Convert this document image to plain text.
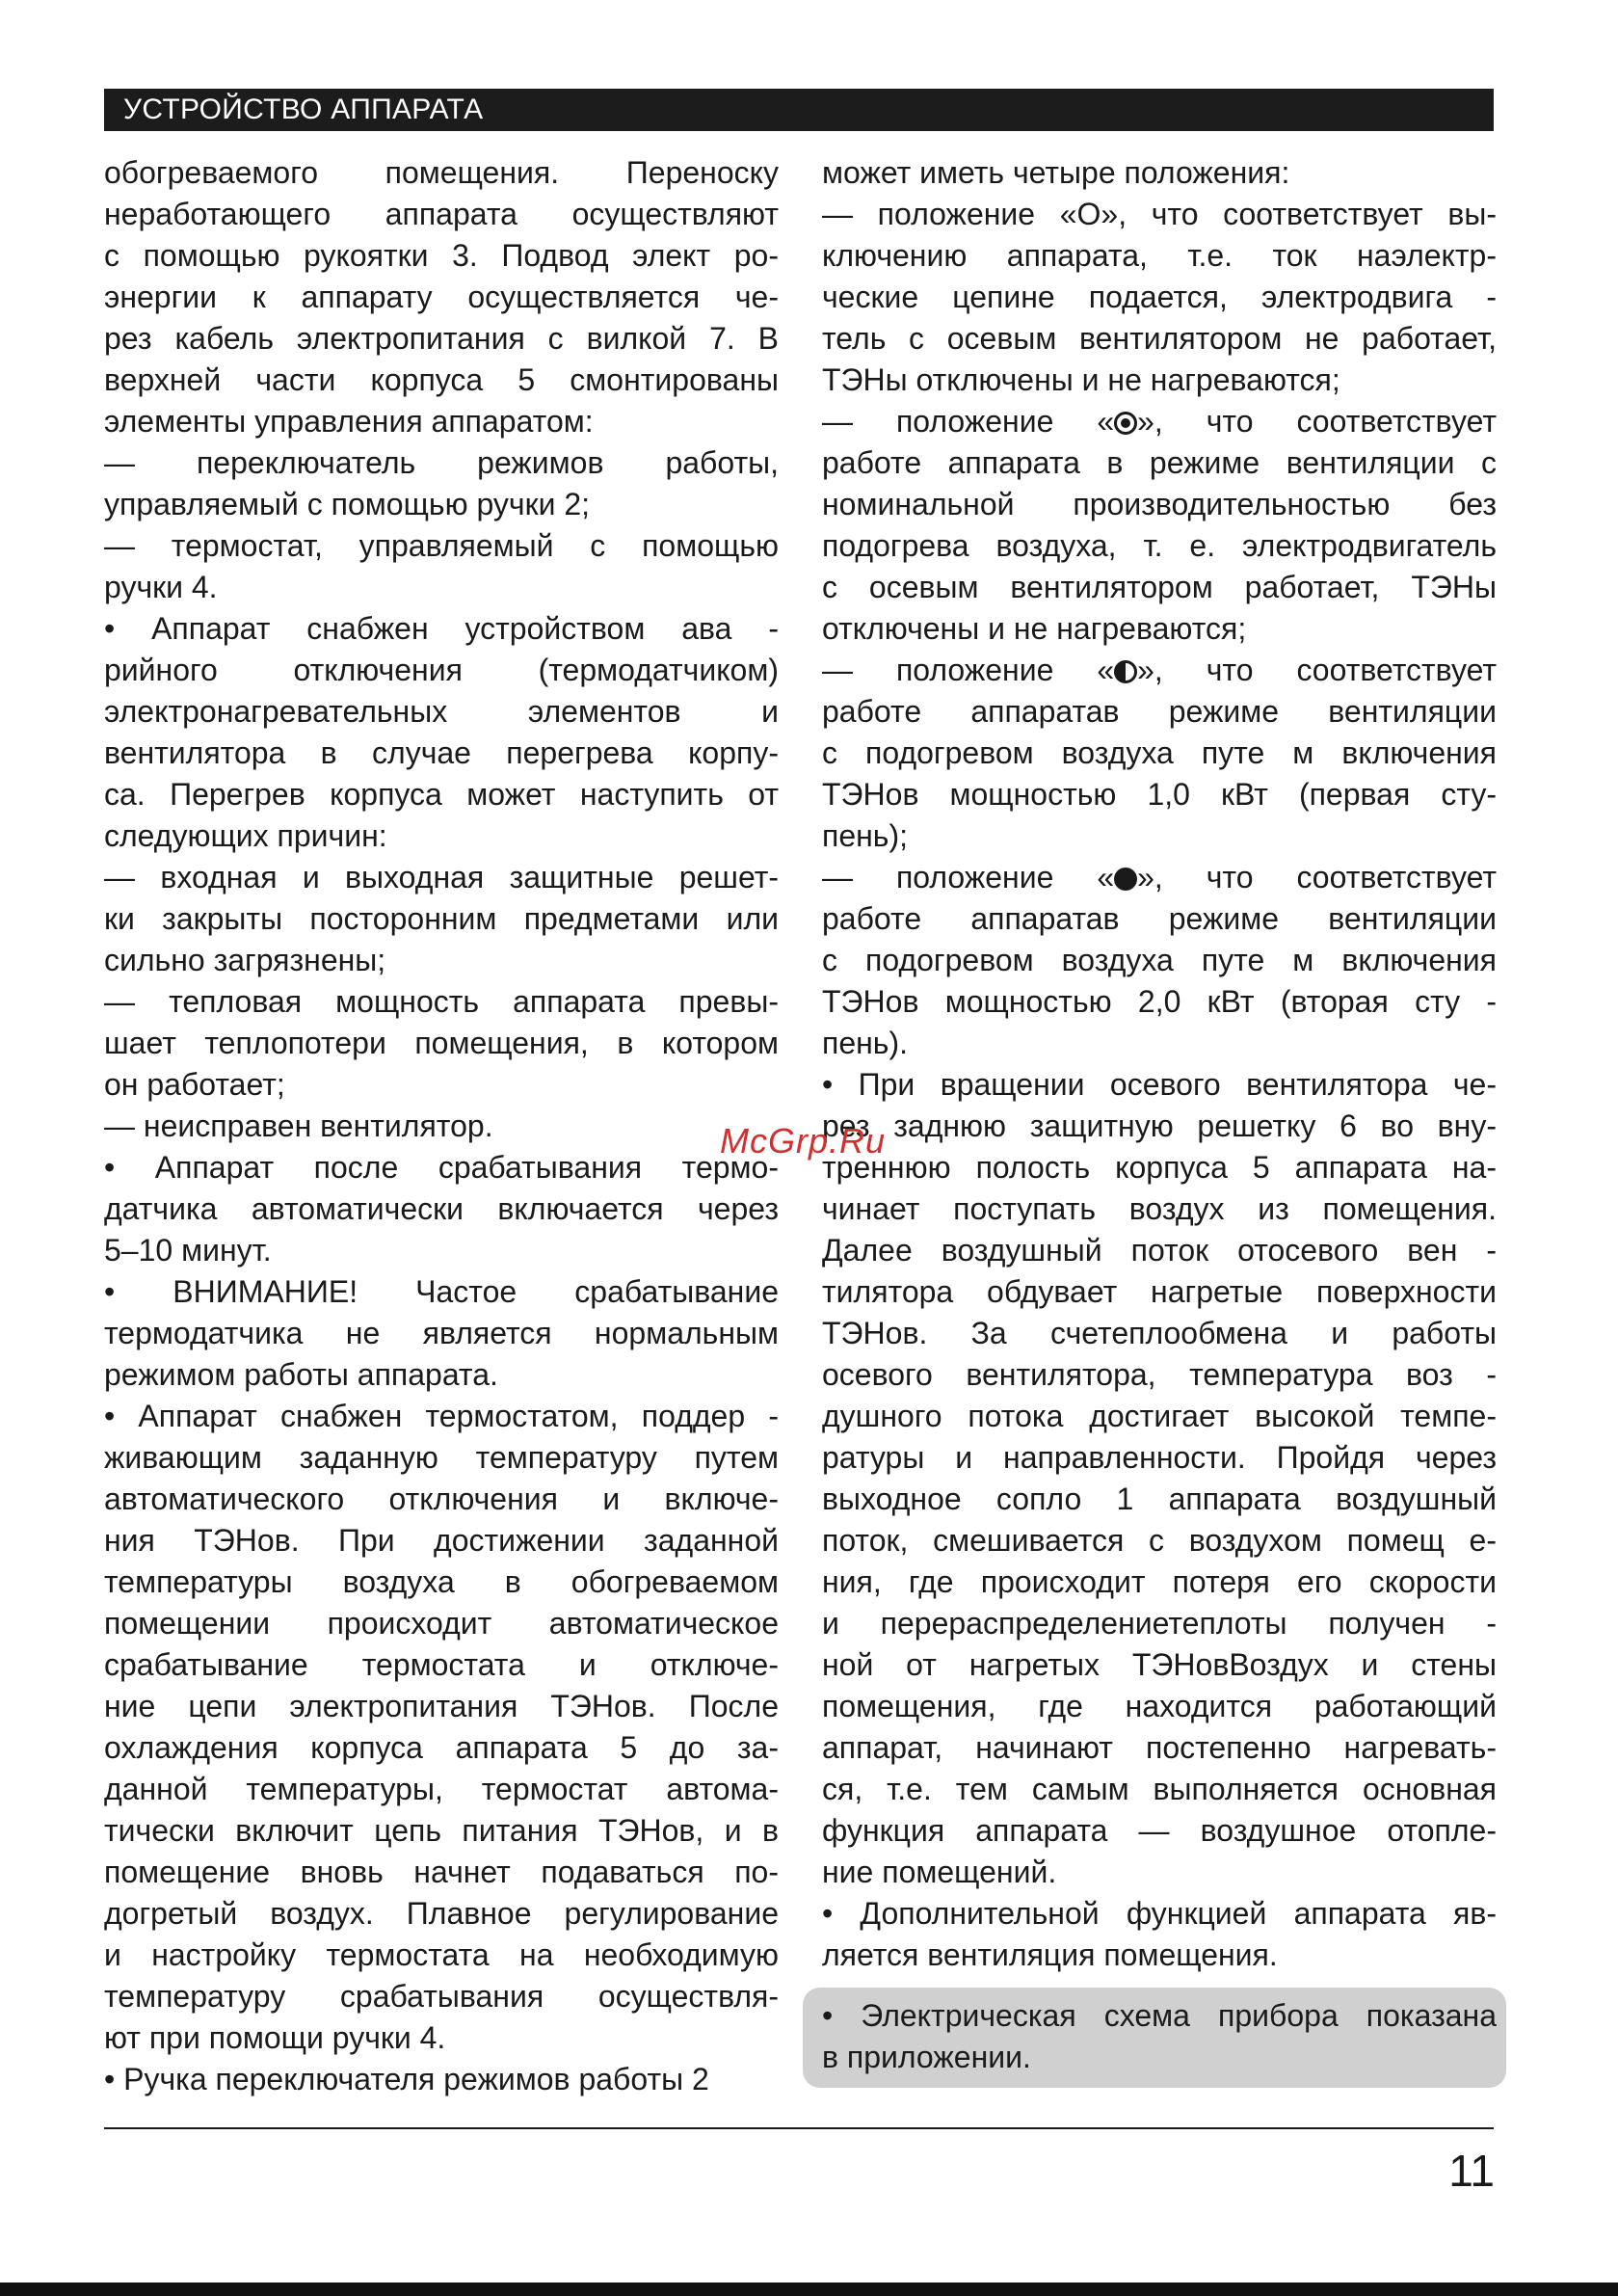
УСТРОЙСТВО АППАРАТА
обогреваемого помещения. Переноску
неработающего аппарата осуществляют
с помощью рукоятки 3. Подвод элект ро-
энергии к аппарату осуществляется че-
рез кабель электропитания с вилкой 7. В
верхней части корпуса 5 смонтированы
элементы управления аппаратом:
— переключатель режимов работы,
управляемый с помощью ручки 2;
— термостат, управляемый с помощью
ручки 4.
• Аппарат снабжен устройством ава -
рийного отключения (термодатчиком)
электронагревательных элементов и
вентилятора в случае перегрева корпу-
са. Перегрев корпуса может наступить от
следующих причин:
— входная и выходная защитные решет-
ки закрыты посторонним предметами или
сильно загрязнены;
— тепловая мощность аппарата превы-
шает теплопотери помещения, в котором
он работает;
— неисправен вентилятор.
• Аппарат после срабатывания термо-
датчика автоматически включается через
5–10 минут.
• ВНИМАНИЕ! Частое срабатывание
термодатчика не является нормальным
режимом работы аппарата.
• Аппарат снабжен термостатом, поддер -
живающим заданную температуру путем
автоматического отключения и включе-
ния ТЭНов. При достижении заданной
температуры воздуха в обогреваемом
помещении происходит автоматическое
срабатывание термостата и отключе-
ние цепи электропитания ТЭНов. После
охлаждения корпуса аппарата 5 до за-
данной температуры, термостат автома-
тически включит цепь питания ТЭНов, и в
помещение вновь начнет подаваться по-
догретый воздух. Плавное регулирование
и настройку термостата на необходимую
температуру срабатывания осуществля-
ют при помощи ручки 4.
• Ручка переключателя режимов работы 2
может иметь четыре положения:
— положение «O», что соответствует вы-
ключению аппарата, т.е. ток наэлектр-
ческие цепине подается, электродвига -
тель с осевым вентилятором не работает,
ТЭНы отключены и не нагреваются;
— положение « », что соответствует
работе аппарата в режиме вентиляции с
номинальной производительностью без
подогрева воздуха, т. е. электродвигатель
с осевым вентилятором работает, ТЭНы
отключены и не нагреваются;
— положение « », что соответствует
работе аппаратав режиме вентиляции
с подогревом воздуха путе м включения
ТЭНов мощностью 1,0 кВт (первая сту-
пень);
— положение « », что соответствует
работе аппаратав режиме вентиляции
с подогревом воздуха путе м включения
ТЭНов мощностью 2,0 кВт (вторая сту -
пень).
• При вращении осевого вентилятора че-
рез заднюю защитную решетку 6 во вну-
треннюю полость корпуса 5 аппарата на-
чинает поступать воздух из помещения.
Далее воздушный поток отосевого вен -
тилятора обдувает нагретые поверхности
ТЭНов. За счетеплообмена и работы
осевого вентилятора, температура воз -
душного потока достигает высокой темпе-
ратуры и направленности. Пройдя через
выходное сопло 1 аппарата воздушный
поток, смешивается с воздухом помещ е-
ния, где происходит потеря его скорости
и перераспределениетеплоты получен -
ной от нагретых ТЭНовВоздух и стены
помещения, где находится работающий
аппарат, начинают постепенно нагревать-
ся, т.е. тем самым выполняется основная
функция аппарата — воздушное отопле-
ние помещений.
• Дополнительной функцией аппарата яв-
ляется вентиляция помещения.
• Электрическая схема прибора показана
в приложении.
McGrp.Ru
11
